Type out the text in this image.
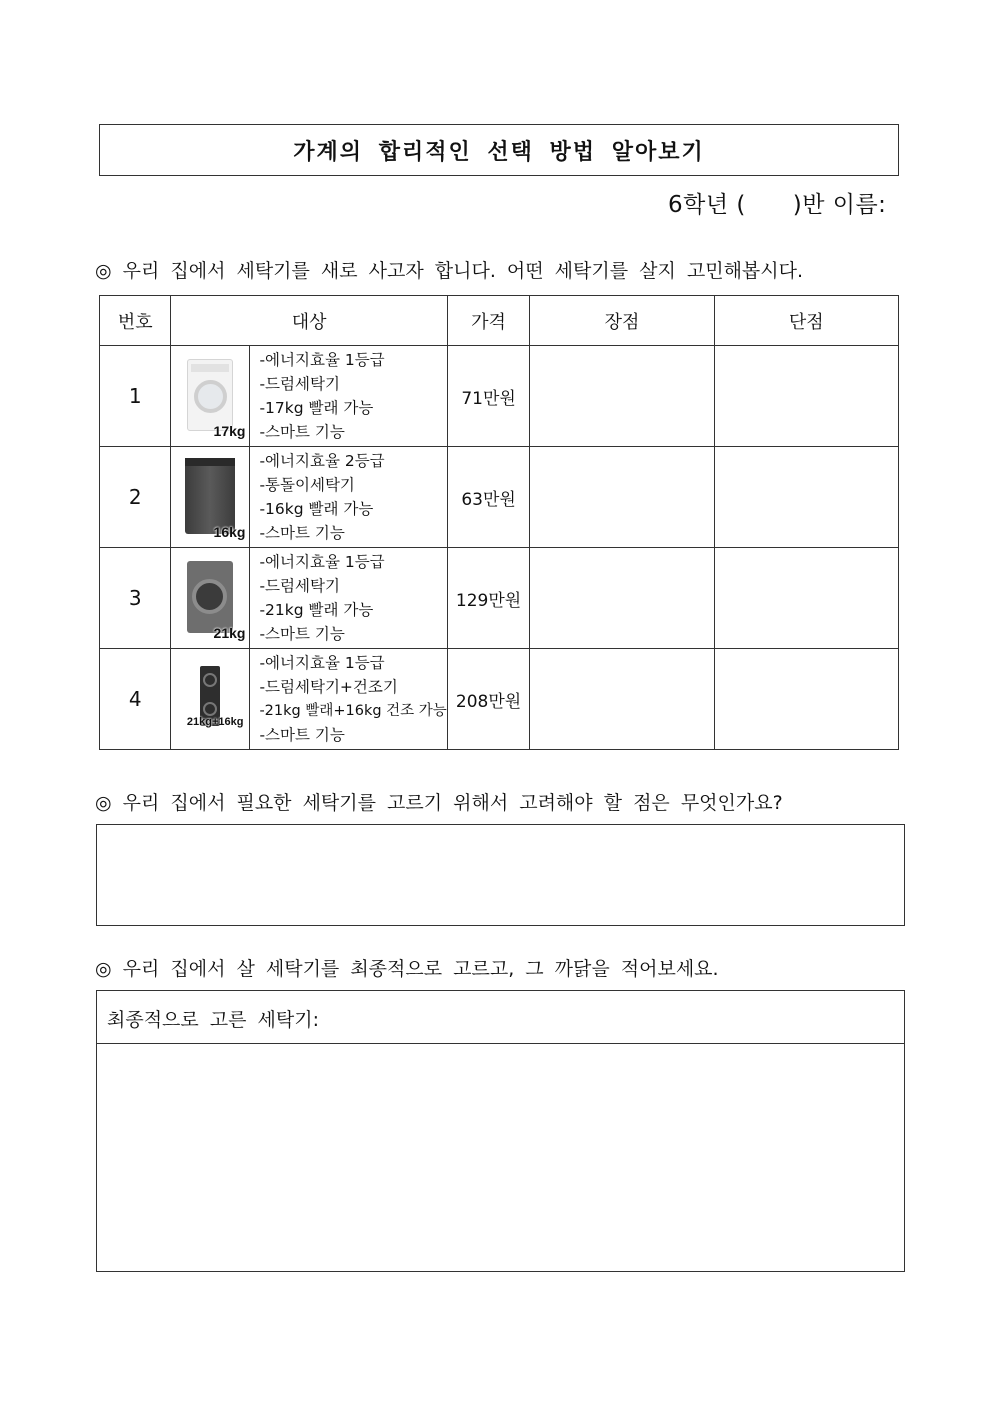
가계의 합리적인 선택 방법 알아보기
6학년 (      )반 이름:
◎ 우리 집에서 세탁기를 새로 사고자 합니다. 어떤 세탁기를 살지 고민해봅시다.
번호	대상		가격	장점	단점
1	17kg	-에너지효율 1등급
-드럼세탁기
-17kg 빨래 가능
-스마트 기능	71만원		
2	16kg	-에너지효율 2등급
-통돌이세탁기
-16kg 빨래 가능
-스마트 기능	63만원		
3	21kg	-에너지효율 1등급
-드럼세탁기
-21kg 빨래 가능
-스마트 기능	129만원		
4	21kg+16kg	-에너지효율 1등급
-드럼세탁기+건조기
-21kg 빨래+16kg 건조 가능
-스마트 기능	208만원		
◎ 우리 집에서 필요한 세탁기를 고르기 위해서 고려해야 할 점은 무엇인가요?
◎ 우리 집에서 살 세탁기를 최종적으로 고르고, 그 까닭을 적어보세요.
최종적으로 고른 세탁기:
